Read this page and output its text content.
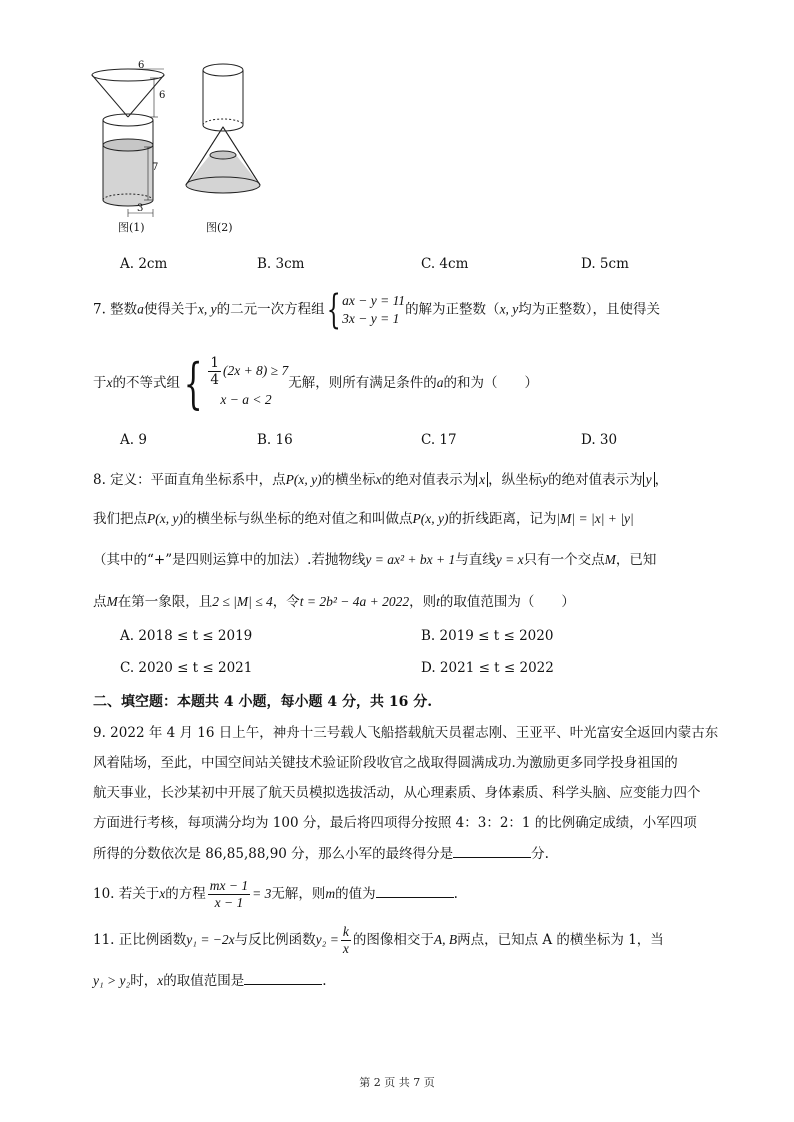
6
6
7
3
图(1)	图(2)
A. 2cm	B. 3cm	C. 4cm	D. 5cm
7. 整数a使得关于x, y的二元一次方程组{ ax − y = 11
3x − y = 1
的解为正整数（x, y均为正整数），且使得关
于x的不等式组{ $\frac{1}{4} (2x + 8) \ge 7$
x − a < 2
无解，则所有满足条件的a的和为（　　）
A. 9	B. 16	C. 17	D. 30
8. 定义：平面直角坐标系中，点P(x, y)的横坐标x的绝对值表示为 x ，纵坐标y的绝对值表示为 y ，
我们把点P(x, y)的横坐标与纵坐标的绝对值之和叫做点P(x, y)的折线距离，记为|M| = |x| + |y|
（其中的“+”是四则运算中的加法）.若抛物线y = ax² + bx + 1与直线y = x只有一个交点M，已知
点M在第一象限，且2 ≤ |M| ≤ 4，令t = 2b² − 4a + 2022，则t的取值范围为（　　）
A. 2018 ≤ t ≤ 2019	B. 2019 ≤ t ≤ 2020
C. 2020 ≤ t ≤ 2021	D. 2021 ≤ t ≤ 2022
二、填空题：本题共 4 小题，每小题 4 分，共 16 分.
9. 2022 年 4 月 16 日上午，神舟十三号载人飞船搭载航天员翟志刚、王亚平、叶光富安全返回内蒙古东
风着陆场，至此，中国空间站关键技术验证阶段收官之战取得圆满成功.为激励更多同学投身祖国的
航天事业，长沙某初中开展了航天员模拟选拔活动，从心理素质、身体素质、科学头脑、应变能力四个
方面进行考核，每项满分均为 100 分，最后将四项得分按照 4：3：2：1 的比例确定成绩，小军四项
所得的分数依次是 86,85,88,90 分，那么小军的最终得分是	分.
10. 若关于x的方程 $\frac{mx - 1}{x - 1} = 3$无解，则m的值为	.
11. 正比例函数y₁ = −2x与反比例函数$y_2 = \frac{k}{x}$ 的图像相交于A, B两点，已知点 A 的横坐标为 1，当
y₁ > y₂时，x的取值范围是	.
第 2 页 共 7 页
